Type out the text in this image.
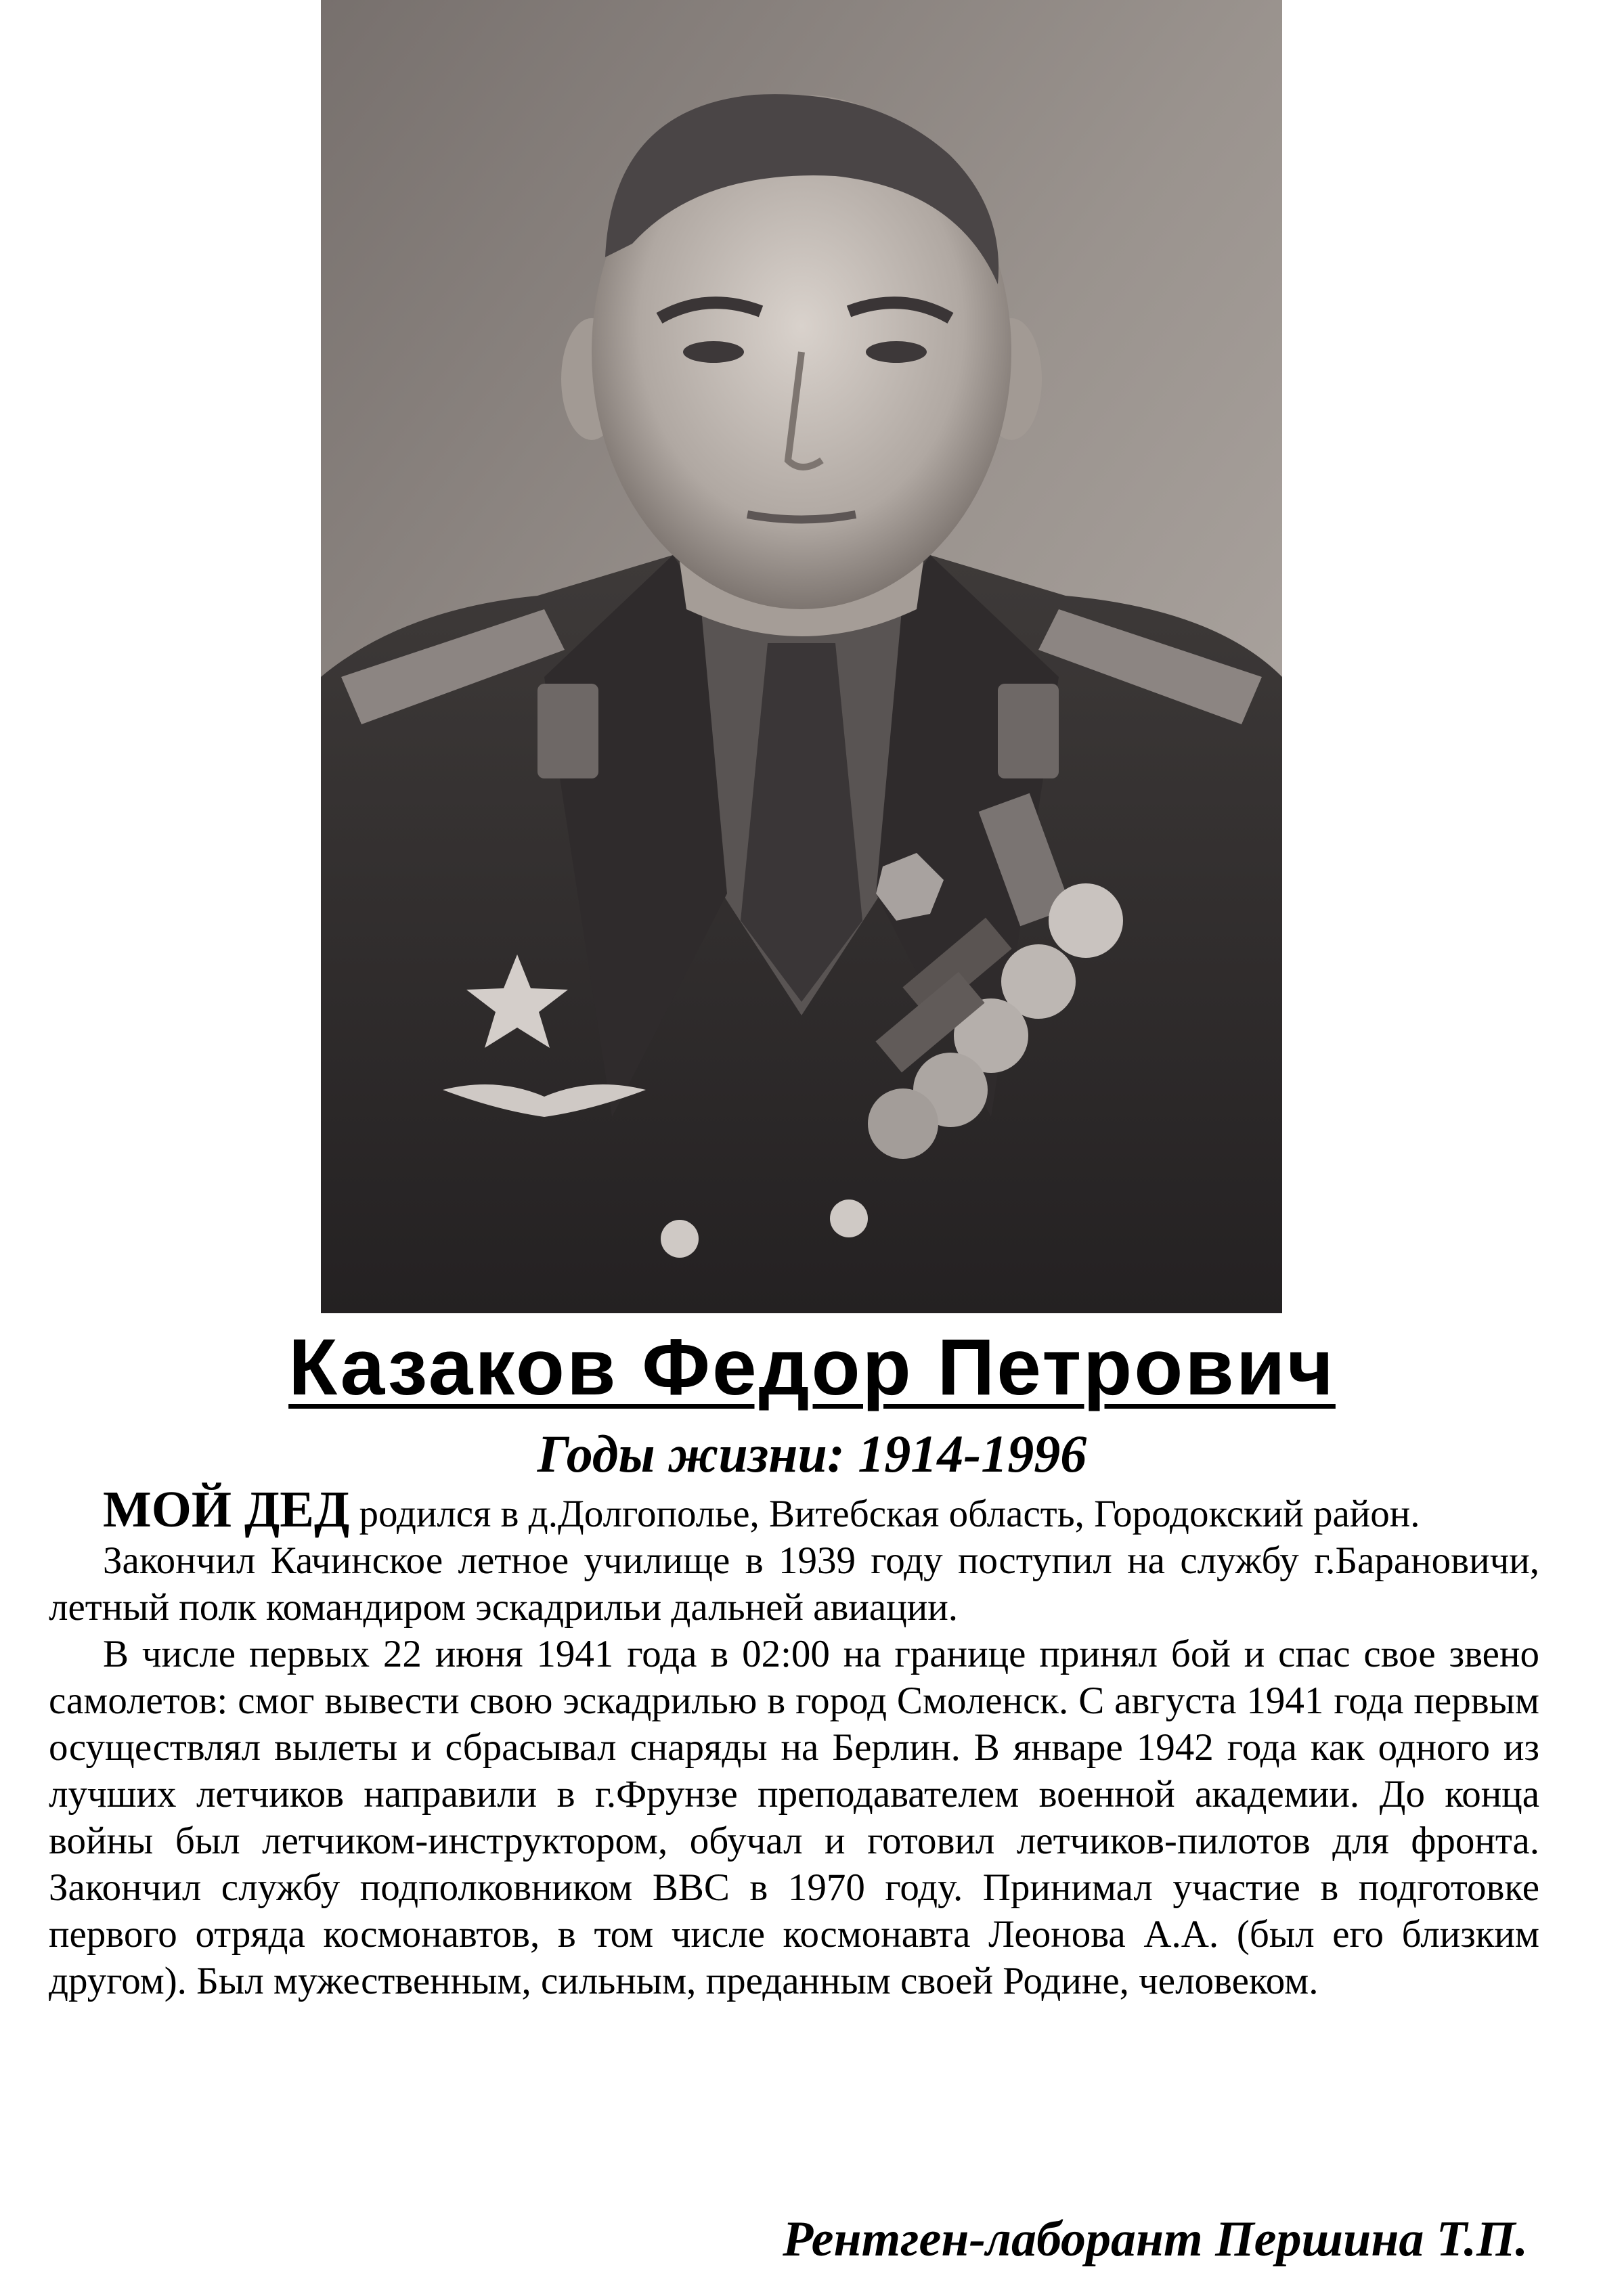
Казаков Федор Петрович
Годы жизни: 1914-1996

МОЙ ДЕД родился в д.Долгополье, Витебская область, Городокский район.

Закончил Качинское летное училище в 1939 году поступил на службу г.Барановичи, летный полк командиром эскадрильи дальней авиации.

В числе первых 22 июня 1941 года в 02:00 на границе принял бой и спас свое звено самолетов: смог вывести свою эскадрилью в город Смоленск. С августа 1941 года первым осуществлял вылеты и сбрасывал снаряды на Берлин. В январе 1942 года как одного из лучших летчиков направили в г.Фрунзе преподавателем военной академии. До конца войны был летчиком-инструктором, обучал и готовил летчиков-пилотов для фронта. Закончил службу подполковником ВВС в 1970 году. Принимал участие в подготовке первого отряда космонавтов, в том числе космонавта Леонова А.А. (был его близким другом). Был мужественным, сильным, преданным своей Родине, человеком.

Рентген-лаборант Першина Т.П.
